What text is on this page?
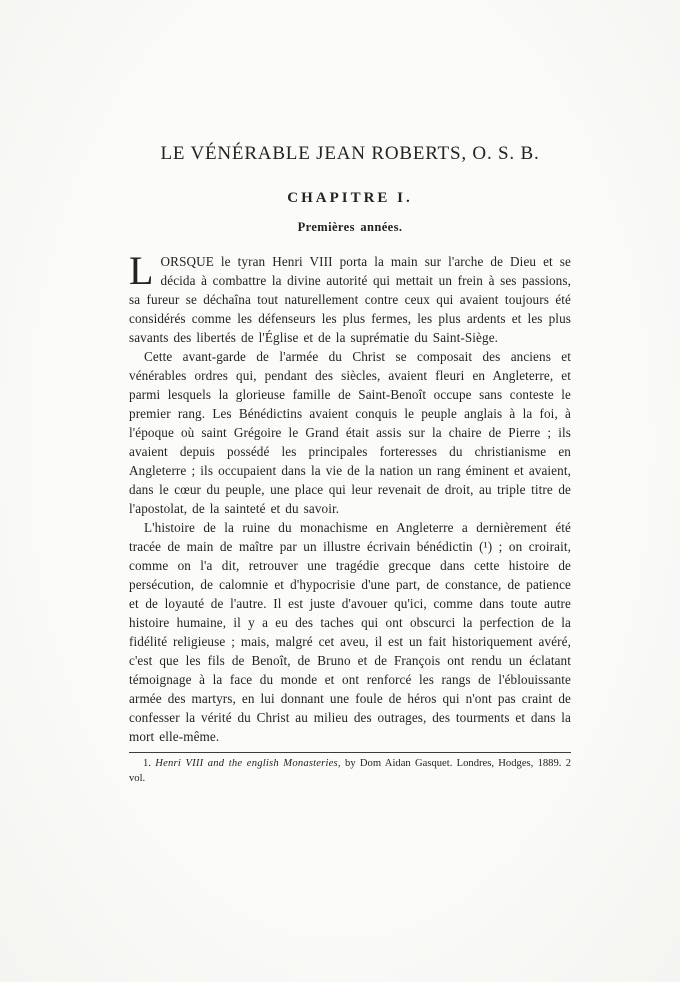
LE VÉNÉRABLE JEAN ROBERTS, O. S. B.
CHAPITRE I.
Premières années.

LORSQUE le tyran Henri VIII porta la main sur l'arche de Dieu et se décida à combattre la divine autorité qui mettait un frein à ses passions, sa fureur se déchaîna tout naturellement contre ceux qui avaient toujours été considérés comme les défenseurs les plus fermes, les plus ardents et les plus savants des libertés de l'Église et de la suprématie du Saint-Siège.

Cette avant-garde de l'armée du Christ se composait des anciens et vénérables ordres qui, pendant des siècles, avaient fleuri en Angleterre, et parmi lesquels la glorieuse famille de Saint-Benoît occupe sans conteste le premier rang. Les Bénédictins avaient conquis le peuple anglais à la foi, à l'époque où saint Grégoire le Grand était assis sur la chaire de Pierre ; ils avaient depuis possédé les principales forteresses du christianisme en Angleterre ; ils occupaient dans la vie de la nation un rang éminent et avaient, dans le cœur du peuple, une place qui leur revenait de droit, au triple titre de l'apostolat, de la sainteté et du savoir.

L'histoire de la ruine du monachisme en Angleterre a dernièrement été tracée de main de maître par un illustre écrivain bénédictin (¹) ; on croirait, comme on l'a dit, retrouver une tragédie grecque dans cette histoire de persécution, de calomnie et d'hypocrisie d'une part, de constance, de patience et de loyauté de l'autre. Il est juste d'avouer qu'ici, comme dans toute autre histoire humaine, il y a eu des taches qui ont obscurci la perfection de la fidélité religieuse ; mais, malgré cet aveu, il est un fait historiquement avéré, c'est que les fils de Benoît, de Bruno et de François ont rendu un éclatant témoignage à la face du monde et ont renforcé les rangs de l'éblouissante armée des martyrs, en lui donnant une foule de héros qui n'ont pas craint de confesser la vérité du Christ au milieu des outrages, des tourments et dans la mort elle-même.

1. Henri VIII and the english Monasteries, by Dom Aidan Gasquet. Londres, Hodges, 1889. 2 vol.
